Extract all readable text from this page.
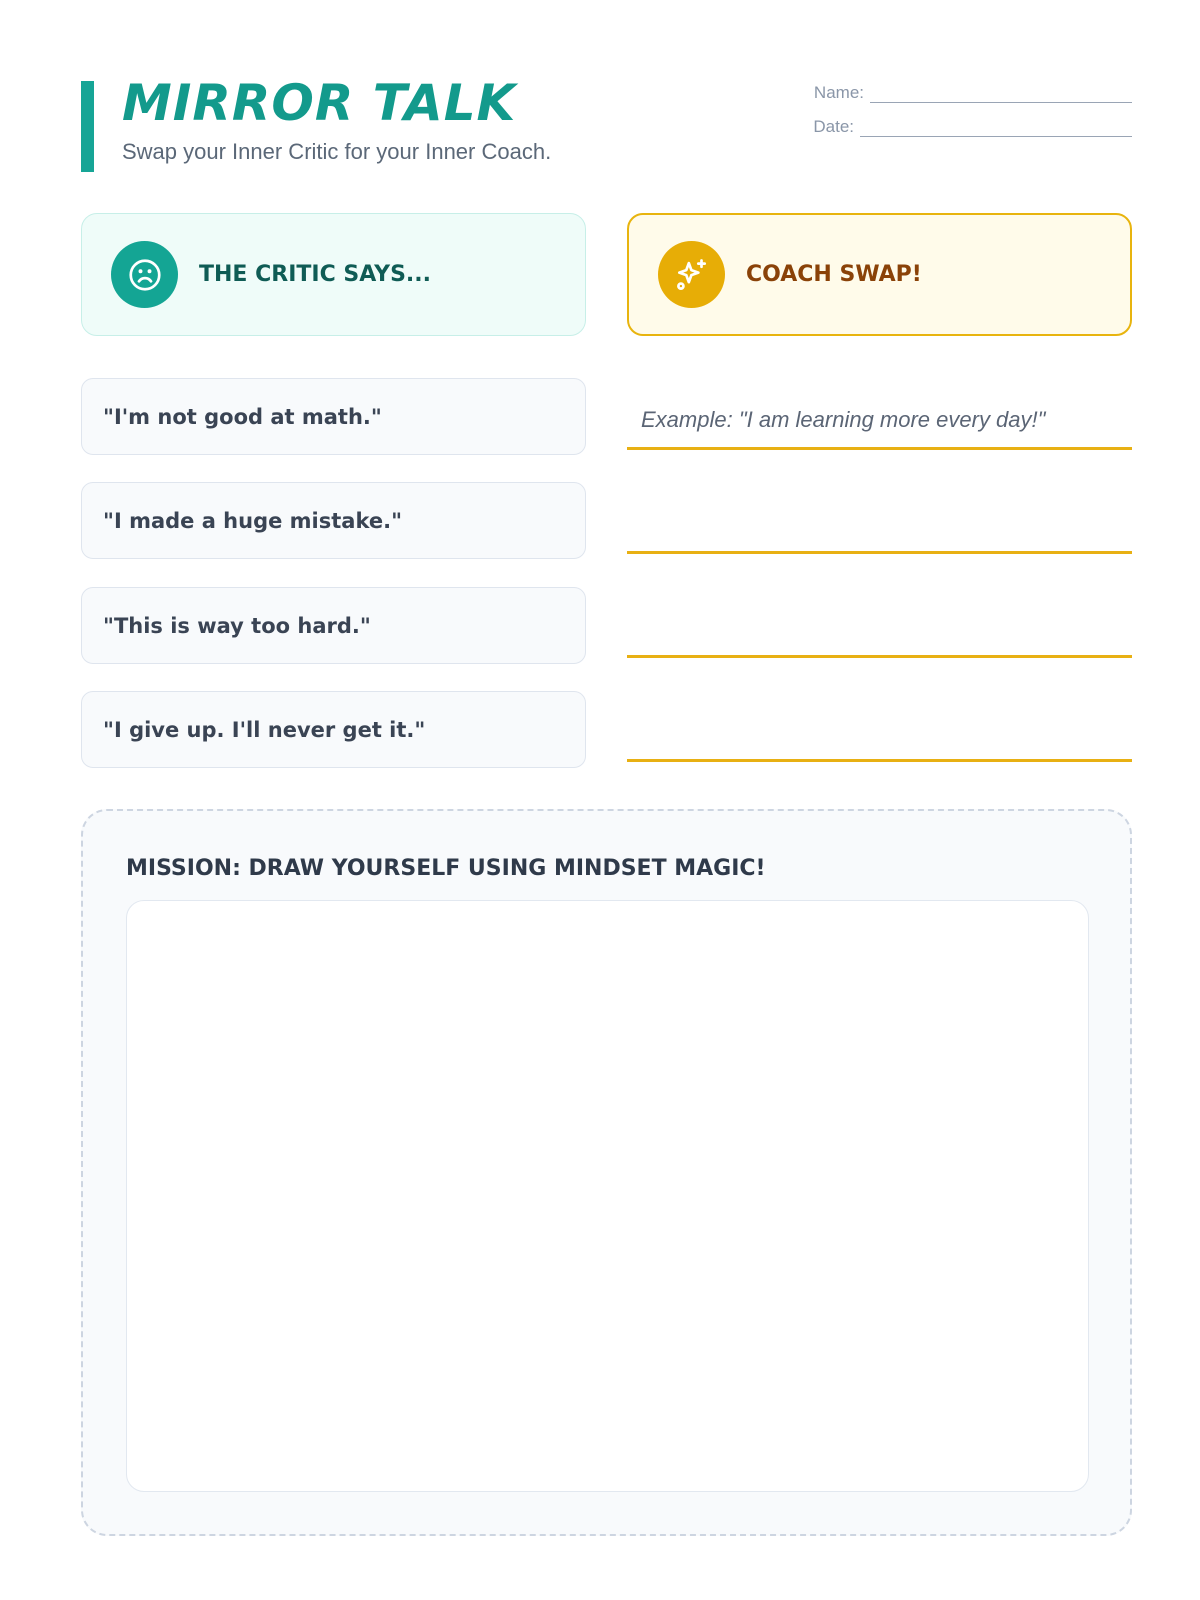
MIRROR TALK
Swap your Inner Critic for your Inner Coach.
Name:
Date:
THE CRITIC SAYS...	COACH SWAP!
"I'm not good at math."
"I made a huge mistake."
"This is way too hard."
"I give up. I'll never get it."
Example: "I am learning more every day!"
MISSION: DRAW YOURSELF USING MINDSET MAGIC!
